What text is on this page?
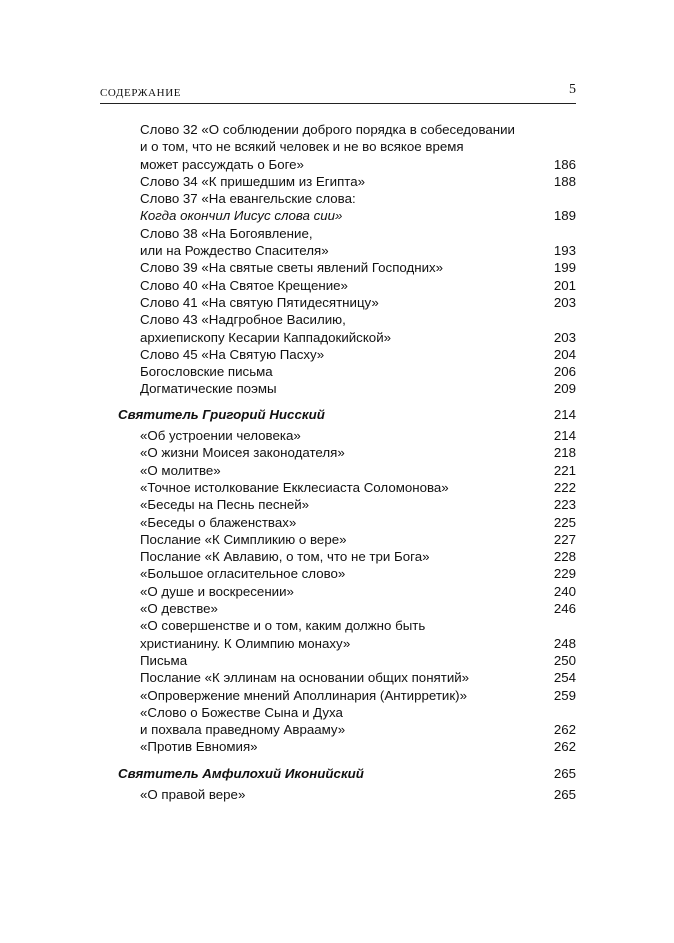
СОДЕРЖАНИЕ	5
Слово 32 «О соблюдении доброго порядка в собеседовании
и о том, что не всякий человек и не во всякое время
может рассуждать о Боге»	186
Слово 34 «К пришедшим из Египта»	188
Слово 37 «На евангельские слова:
Когда окончил Иисус слова сии»	189
Слово 38 «На Богоявление,
или на Рождество Спасителя»	193
Слово 39 «На святые светы явлений Господних»	199
Слово 40 «На Святое Крещение»	201
Слово 41 «На святую Пятидесятницу»	203
Слово 43 «Надгробное Василию,
архиепископу Кесарии Каппадокийской»	203
Слово 45 «На Святую Пасху»	204
Богословские письма	206
Догматические поэмы	209
Святитель Григорий Нисский	214
«Об устроении человека»	214
«О жизни Моисея законодателя»	218
«О молитве»	221
«Точное истолкование Екклесиаста Соломонова»	222
«Беседы на Песнь песней»	223
«Беседы о блаженствах»	225
Послание «К Симпликию о вере»	227
Послание «К Авлавию, о том, что не три Бога»	228
«Большое огласительное слово»	229
«О душе и воскресении»	240
«О девстве»	246
«О совершенстве и о том, каким должно быть
христианину. К Олимпию монаху»	248
Письма	250
Послание «К эллинам на основании общих понятий»	254
«Опровержение мнений Аполлинария (Антирретик)»	259
«Слово о Божестве Сына и Духа
и похвала праведному Аврааму»	262
«Против Евномия»	262
Святитель Амфилохий Иконийский	265
«О правой вере»	265
